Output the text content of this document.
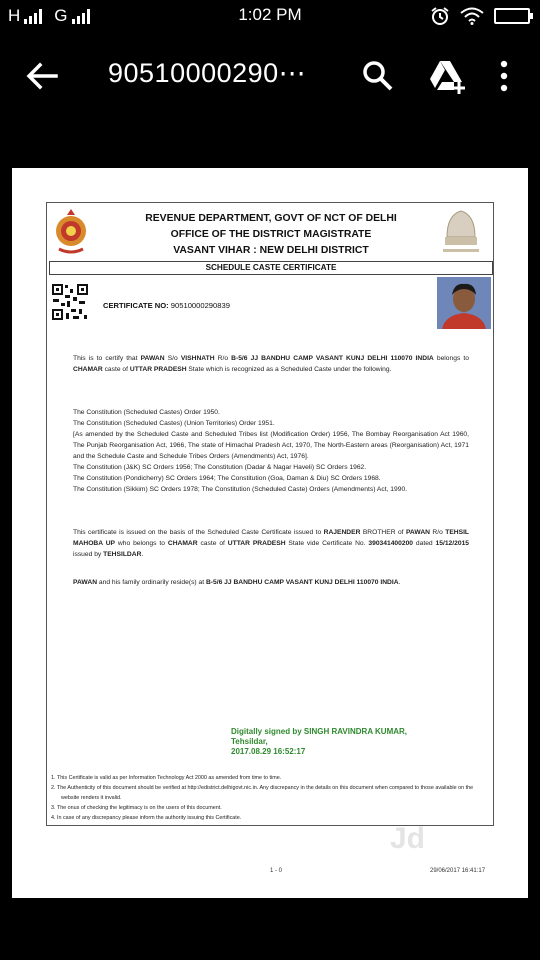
H G	1:02 PM
90510000290⋯
REVENUE DEPARTMENT, GOVT OF NCT OF DELHI
OFFICE OF THE DISTRICT MAGISTRATE
VASANT VIHAR : NEW DELHI DISTRICT
SCHEDULE CASTE CERTIFICATE
CERTIFICATE NO: 90510000290839
This is to certify that PAWAN S/o VISHNATH R/o B-5/6 JJ BANDHU CAMP VASANT KUNJ DELHI 110070 INDIA belongs to CHAMAR caste of UTTAR PRADESH State which is recognized as a Scheduled Caste under the following.
The Constitution (Scheduled Castes) Order 1950.
The Constitution (Scheduled Castes) (Union Territories) Order 1951.
[As amended by the Scheduled Caste and Scheduled Tribes list (Modification Order) 1956, The Bombay Reorganisation Act 1960, The Punjab Reorganisation Act, 1966, The state of Himachal Pradesh Act, 1970, The North-Eastern areas (Reorganisation) Act, 1971 and the Schedule Caste and Schedule Tribes Orders (Amendments) Act, 1976].
The Constitution (J&K) SC Orders 1956; The Constitution (Dadar & Nagar Haveli) SC Orders 1962.
The Constitution (Pondicherry) SC Orders 1964; The Constitution (Goa, Daman & Diu) SC Orders 1968.
The Constitution (Sikkim) SC Orders 1978; The Constitution (Scheduled Caste) Orders (Amendments) Act, 1990.
This certificate is issued on the basis of the Scheduled Caste Certificate issued to RAJENDER BROTHER of PAWAN R/o TEHSIL MAHOBA UP who belongs to CHAMAR caste of UTTAR PRADESH State vide Certificate No. 390341400200 dated 15/12/2015 issued by TEHSILDAR.
PAWAN and his family ordinarily reside(s) at B-5/6 JJ BANDHU CAMP VASANT KUNJ DELHI 110070 INDIA.
Digitally signed by SINGH RAVINDRA KUMAR,
Tehsildar,
2017.08.29 16:52:17
1. This Certificate is valid as per Information Technology Act 2000 as amended from time to time.
2. The Authenticity of this document should be verified at http://edistrict.delhigovt.nic.in. Any discrepancy in the details on this document when compared to those available on the website renders it invalid.
3. The onus of checking the legitimacy is on the users of this document.
4. In case of any discrepancy please inform the authority issuing this Certificate.
Jd
1 - 0	29/06/2017 16:41:17
